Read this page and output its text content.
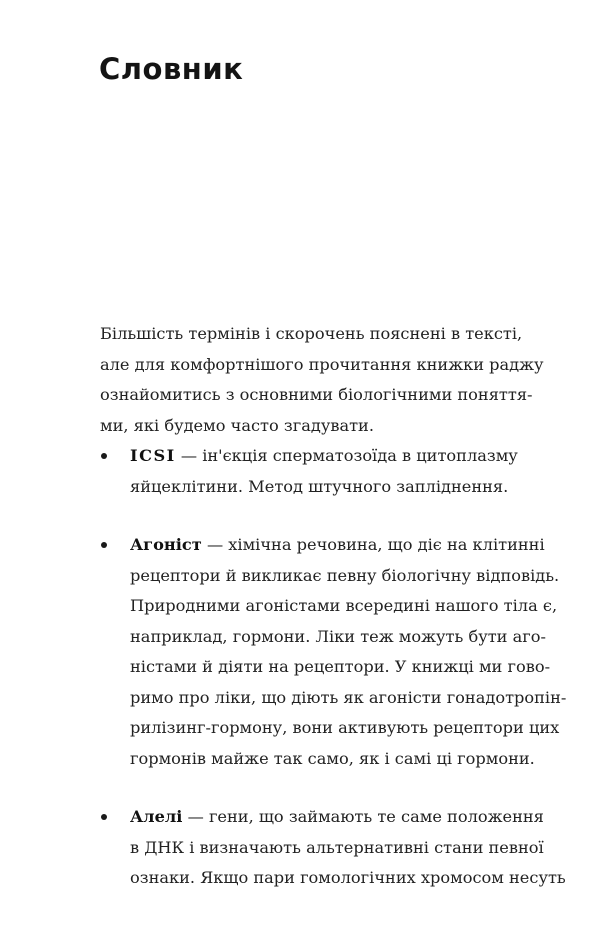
Словник

Більшість термінів і скорочень пояснені в тексті,
але для комфортнішого прочитання книжки раджу
ознайомитись з основними біологічними поняття-
ми, які будемо часто згадувати.

ICSI — ін'єкція сперматозоїда в цитоплазму
яйцеклітини. Метод штучного запліднення.
Агоніст — хімічна речовина, що діє на клітинні
рецептори й викликає певну біологічну відповідь.
Природними агоністами всередині нашого тіла є,
наприклад, гормони. Ліки теж можуть бути аго-
ністами й діяти на рецептори. У книжці ми гово-
римо про ліки, що діють як агоністи гонадотропін-
рилізинг-гормону, вони активують рецептори цих
гормонів майже так само, як і самі ці гормони.
Алелі — гени, що займають те саме положення
в ДНК і визначають альтернативні стани певної
ознаки. Якщо пари гомологічних хромосом несуть
